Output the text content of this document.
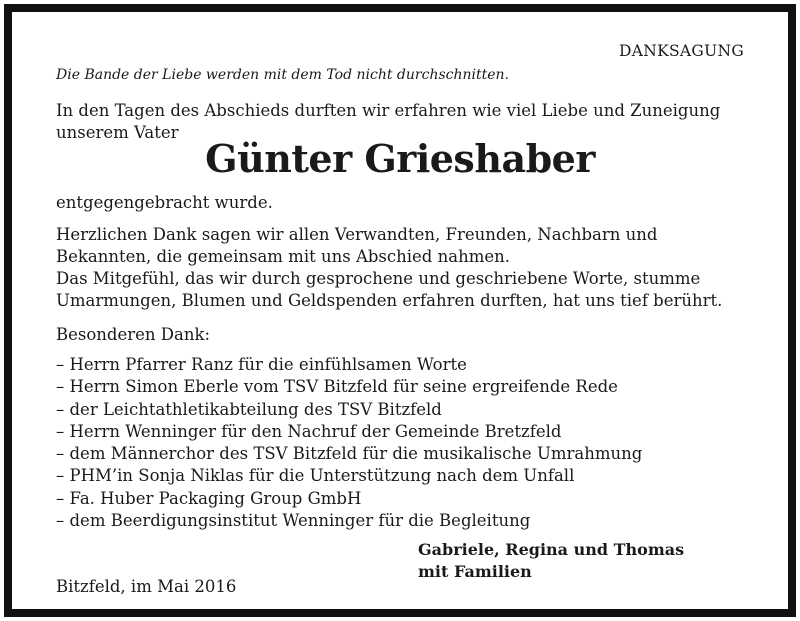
DANKSAGUNG
Die Bande der Liebe werden mit dem Tod nicht durchschnitten.

In den Tagen des Abschieds durften wir erfahren wie viel Liebe und Zuneigung unserem Vater

Günter Grieshaber

entgegengebracht wurde.

Herzlichen Dank sagen wir allen Verwandten, Freunden, Nachbarn und Bekannten, die gemeinsam mit uns Abschied nahmen.

Das Mitgefühl, das wir durch gesprochene und geschriebene Worte, stumme Umarmungen, Blumen und Geldspenden erfahren durften, hat uns tief berührt.

Besonderen Dank:

– Herrn Pfarrer Ranz für die einfühlsamen Worte
– Herrn Simon Eberle vom TSV Bitzfeld für seine ergreifende Rede
– der Leichtathletikabteilung des TSV Bitzfeld
– Herrn Wenninger für den Nachruf der Gemeinde Bretzfeld
– dem Männerchor des TSV Bitzfeld für die musikalische Umrahmung
– PHM’in Sonja Niklas für die Unterstützung nach dem Unfall
– Fa. Huber Packaging Group GmbH
– dem Beerdigungsinstitut Wenninger für die Begleitung
Gabriele, Regina und Thomas
mit Familien

Bitzfeld, im Mai 2016
